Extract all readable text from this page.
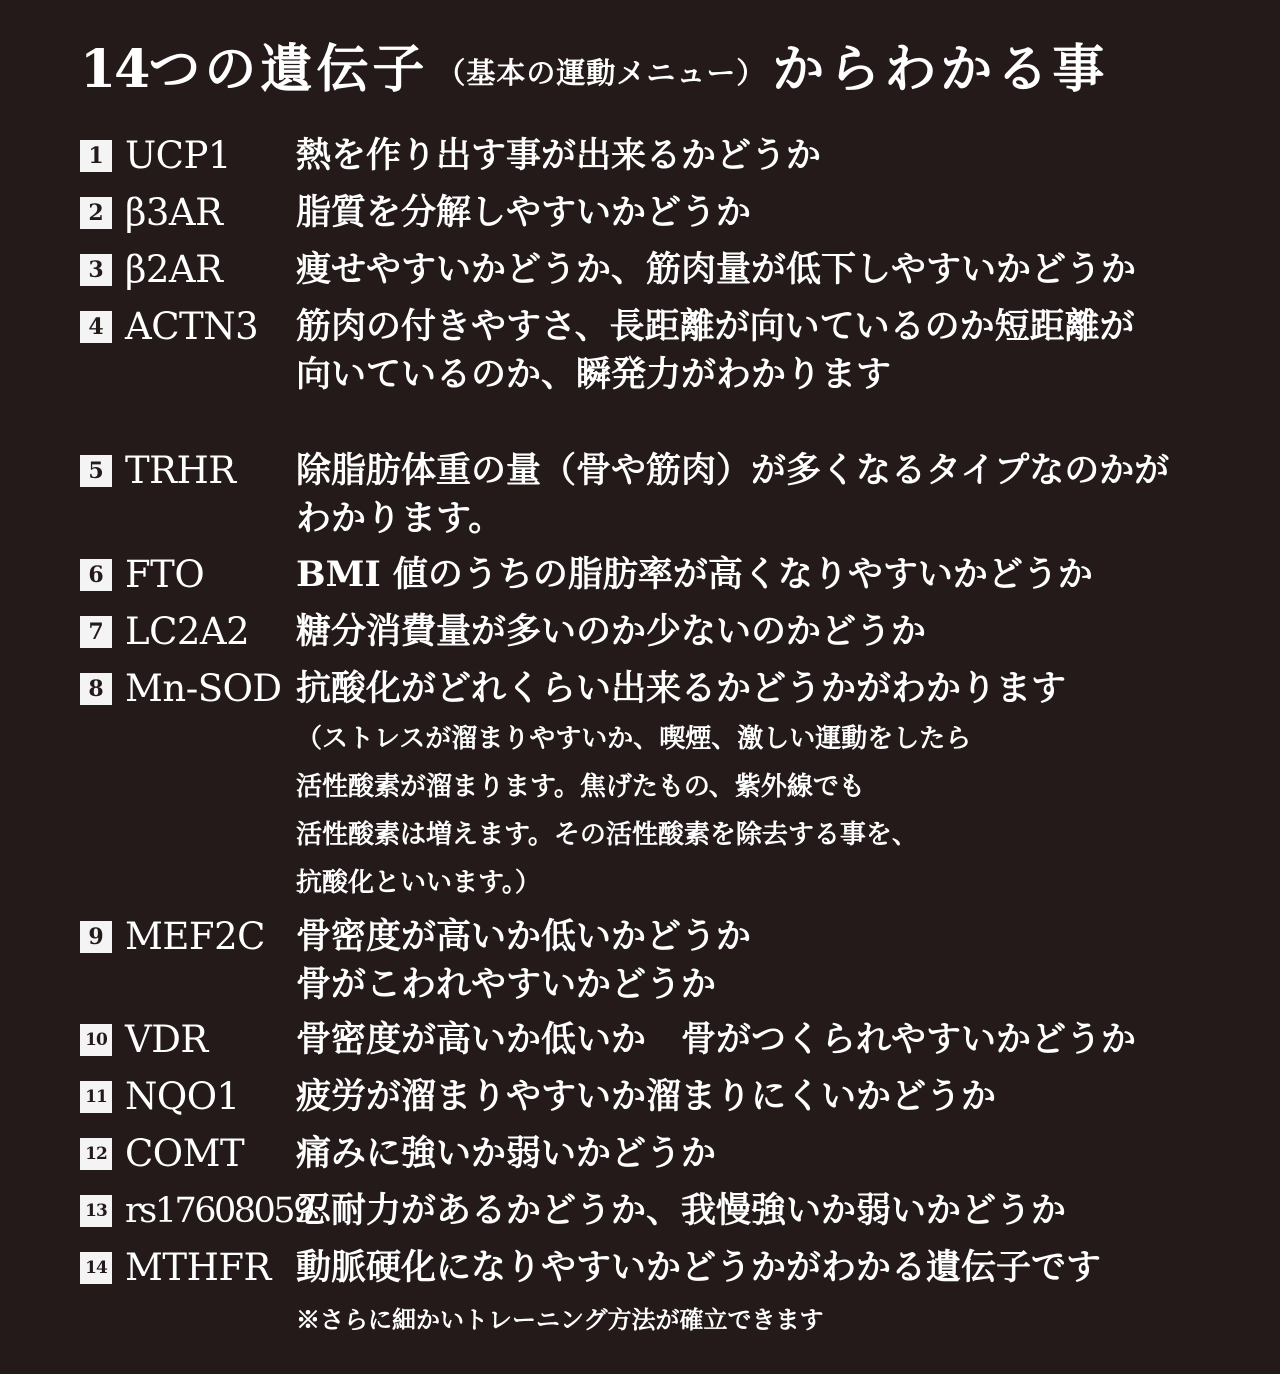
14つの遺伝子 （基本の運動メニュー） からわかる事
1 UCP1 熱を作り出す事が出来るかどうか
2 β3AR 脂質を分解しやすいかどうか
3 β2AR 痩せやすいかどうか、筋肉量が低下しやすいかどうか
4 ACTN3 筋肉の付きやすさ、長距離が向いているのか短距離が
向いているのか、瞬発力がわかります
5 TRHR 除脂肪体重の量（骨や筋肉）が多くなるタイプなのかが
わかります。
6 FTO	BMI 値のうちの脂肪率が高くなりやすいかどうか
7 LC2A2 糖分消費量が多いのか少ないのかどうか
8 Mn-SOD 抗酸化がどれくらい出来るかどうかがわかります
（ストレスが溜まりやすいか、喫煙、激しい運動をしたら
活性酸素が溜まります。焦げたもの、紫外線でも
活性酸素は増えます。その活性酸素を除去する事を、
抗酸化といいます。）
9 MEF2C 骨密度が高いか低いかどうか
骨がこわれやすいかどうか
10 VDR	骨密度が高いか低いか　骨がつくられやすいかどうか
11 NQO1 疲労が溜まりやすいか溜まりにくいかどうか
12 COMT 痛みに強いか弱いかどうか
13 rs17608059
忍耐力があるかどうか、我慢強いか弱いかどうか
14 MTHFR 動脈硬化になりやすいかどうかがわかる遺伝子です
※さらに細かいトレーニング方法が確立できます
